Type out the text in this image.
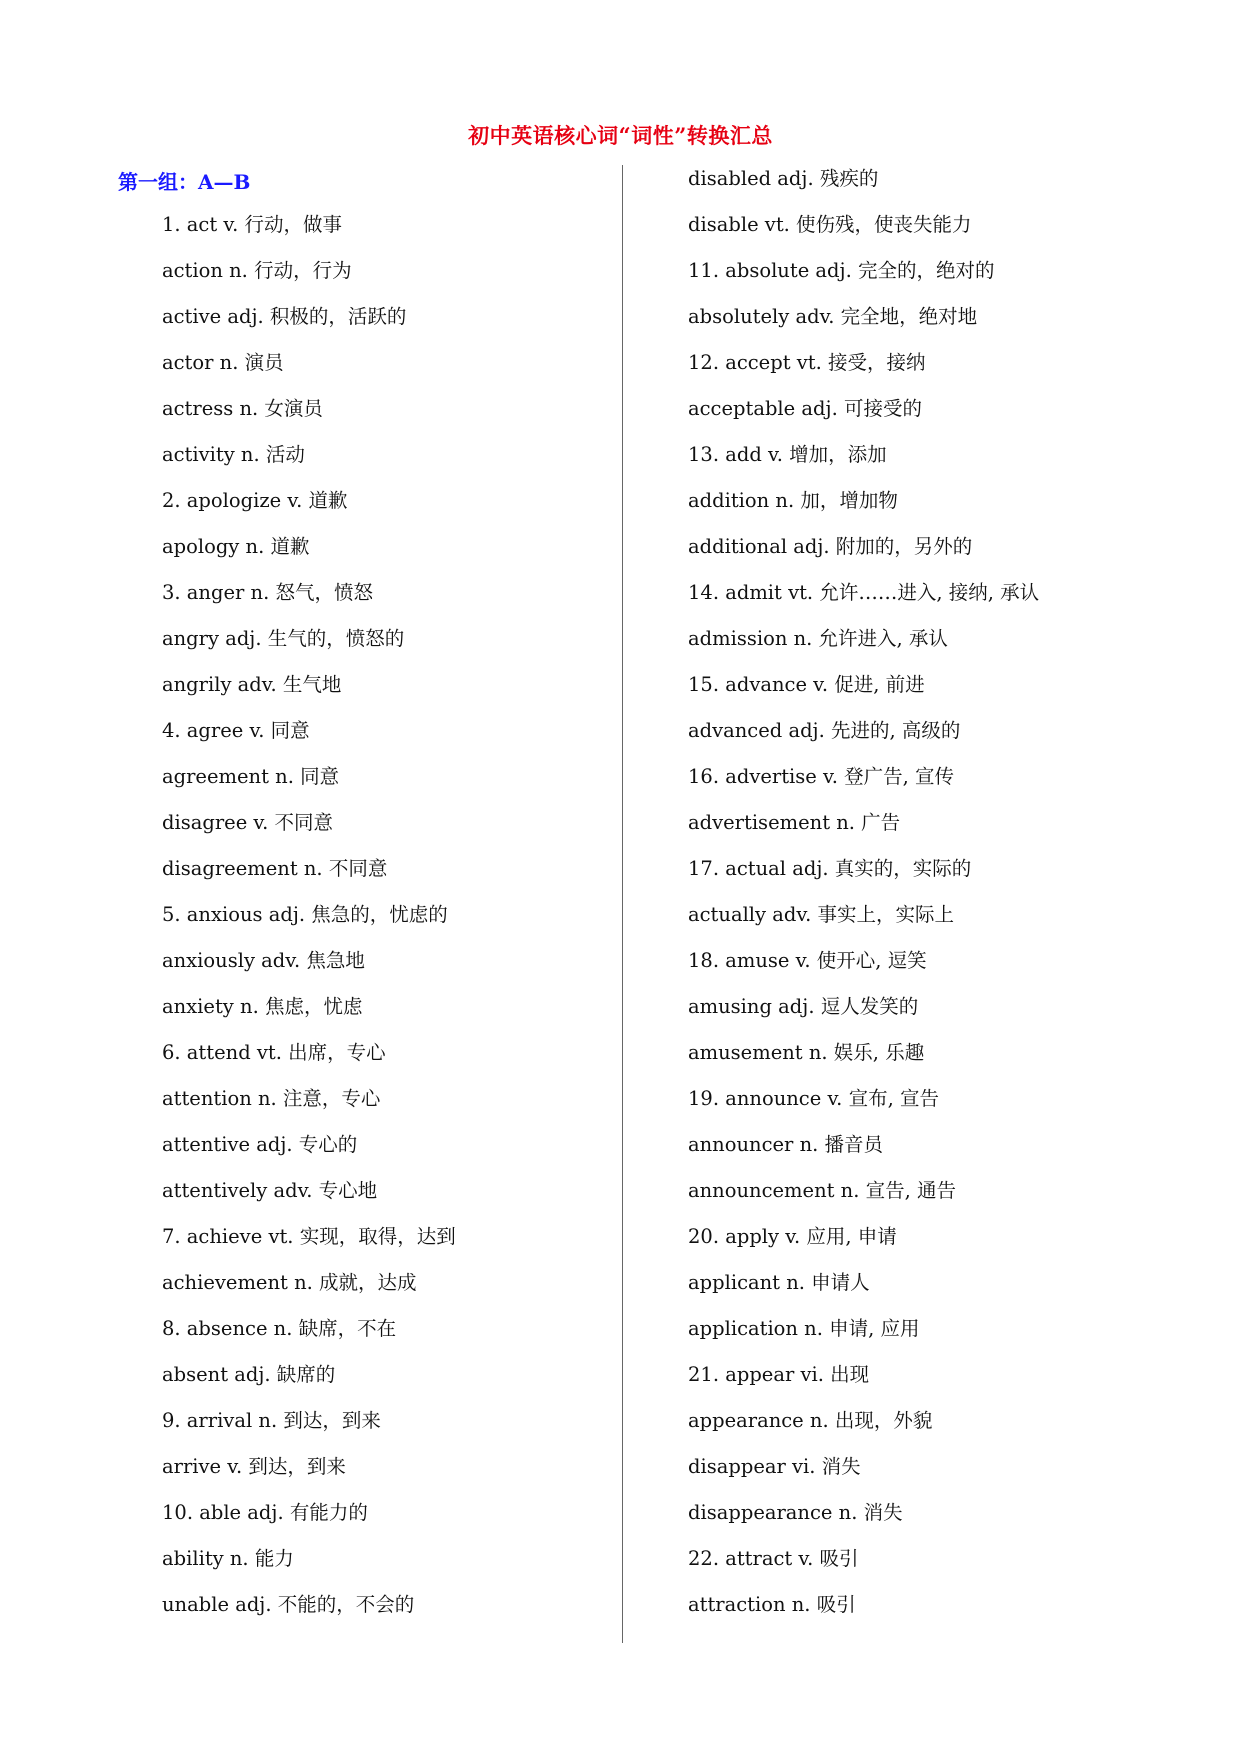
初中英语核心词“词性”转换汇总
第一组：A—B
1. act v. 行动，做事
action n. 行动，行为
active adj. 积极的，活跃的
actor n. 演员
actress n. 女演员
activity n. 活动
2. apologize v. 道歉
apology n. 道歉
3. anger n. 怒气，愤怒
angry adj. 生气的，愤怒的
angrily adv. 生气地
4. agree v. 同意
agreement n. 同意
disagree v. 不同意
disagreement n. 不同意
5. anxious adj. 焦急的，忧虑的
anxiously adv. 焦急地
anxiety n. 焦虑，忧虑
6. attend vt. 出席，专心
attention n. 注意，专心
attentive adj. 专心的
attentively adv. 专心地
7. achieve vt. 实现，取得，达到
achievement n. 成就，达成
8. absence n. 缺席，不在
absent adj. 缺席的
9. arrival n. 到达，到来
arrive v. 到达，到来
10. able adj. 有能力的
ability n. 能力
unable adj. 不能的，不会的
disabled adj. 残疾的
disable vt. 使伤残，使丧失能力
11. absolute adj. 完全的，绝对的
absolutely adv. 完全地，绝对地
12. accept vt. 接受，接纳
acceptable adj. 可接受的
13. add v. 增加，添加
addition n. 加，增加物
additional adj. 附加的，另外的
14. admit vt. 允许……进入, 接纳, 承认
admission n. 允许进入, 承认
15. advance v. 促进, 前进
advanced adj. 先进的, 高级的
16. advertise v. 登广告, 宣传
advertisement n. 广告
17. actual adj. 真实的，实际的
actually adv. 事实上，实际上
18. amuse v. 使开心, 逗笑
amusing adj. 逗人发笑的
amusement n. 娱乐, 乐趣
19. announce v. 宣布, 宣告
announcer n. 播音员
announcement n. 宣告, 通告
20. apply v. 应用, 申请
applicant n. 申请人
application n. 申请, 应用
21. appear vi. 出现
appearance n. 出现，外貌
disappear vi. 消失
disappearance n. 消失
22. attract v. 吸引
attraction n. 吸引
